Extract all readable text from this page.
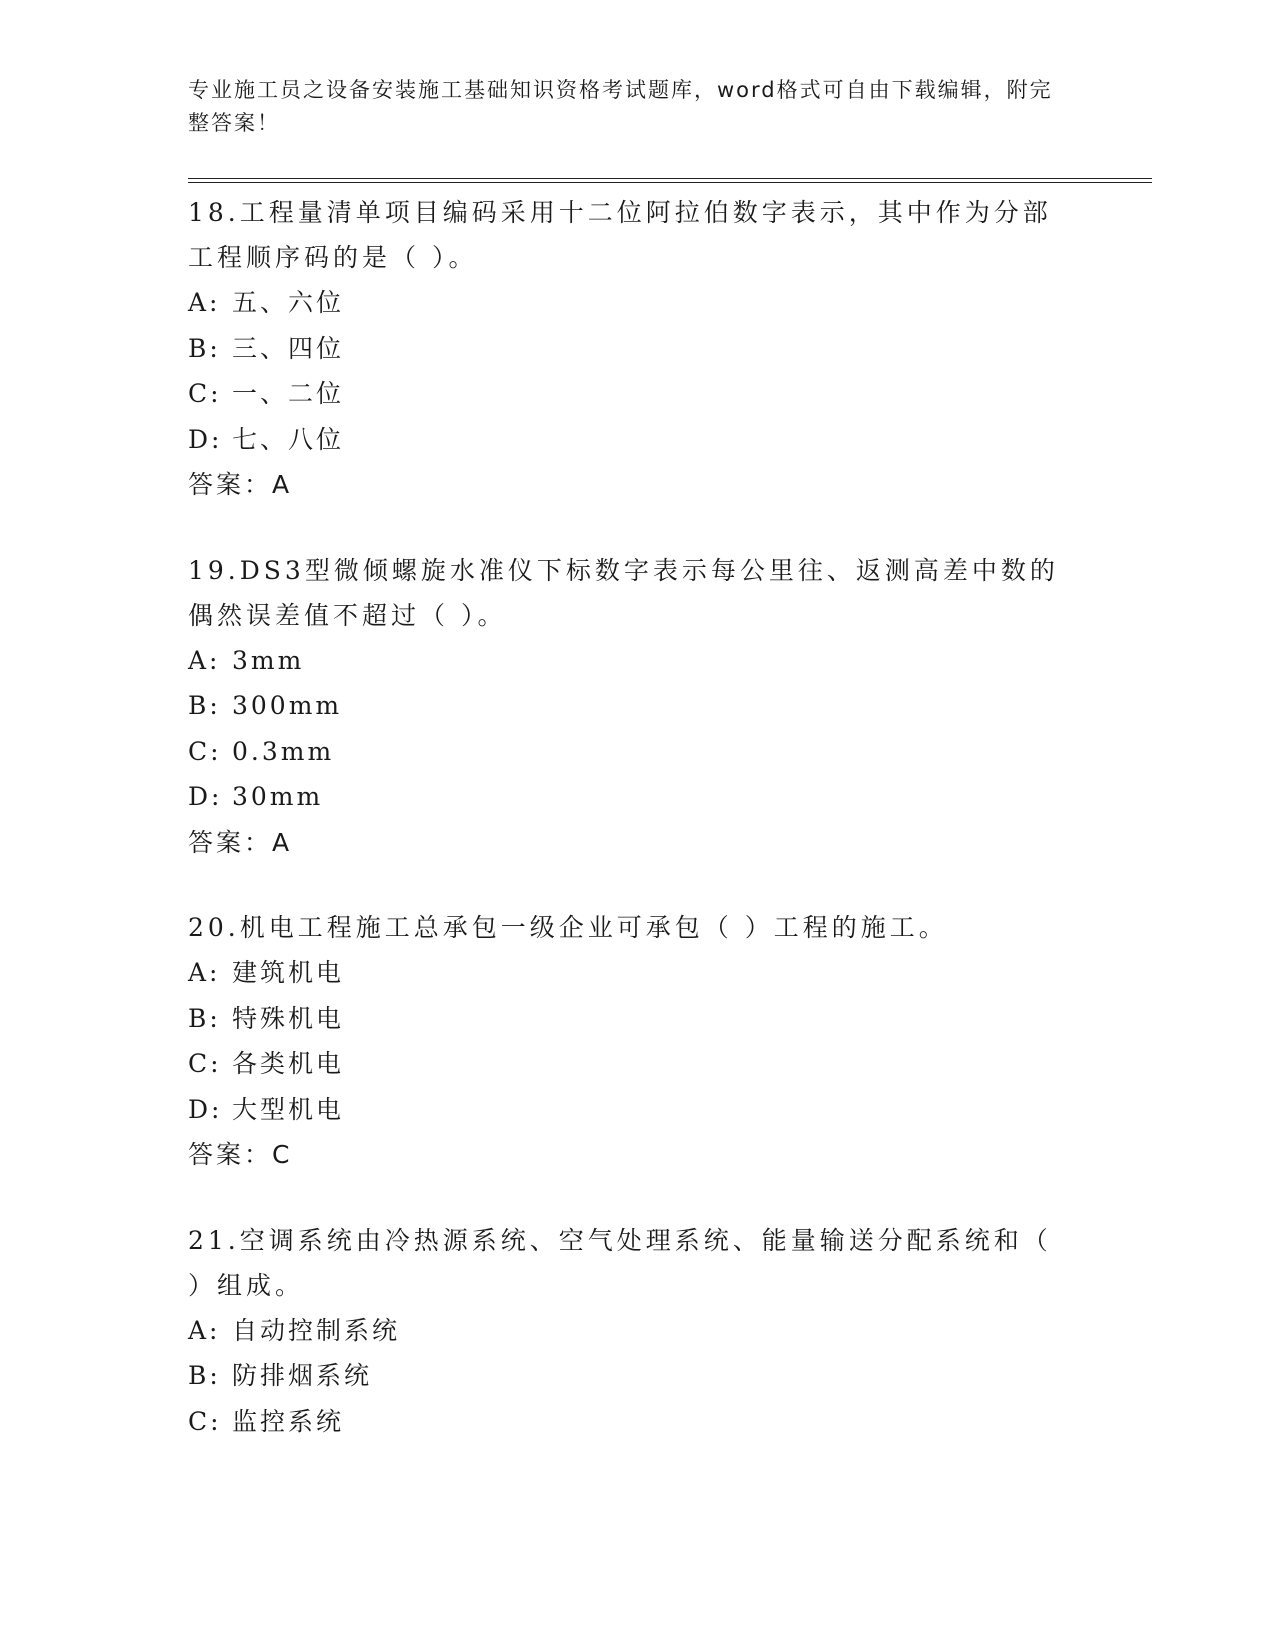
专业施工员之设备安装施工基础知识资格考试题库，word格式可自由下载编辑，附完整答案！
18.工程量清单项目编码采用十二位阿拉伯数字表示，其中作为分部工程顺序码的是（ ）。
A: 五、六位
B: 三、四位
C: 一、二位
D: 七、八位
答案：A
19.DS3型微倾螺旋水准仪下标数字表示每公里往、返测高差中数的偶然误差值不超过（ ）。
A: 3mm
B: 300mm
C: 0.3mm
D: 30mm
答案：A
20.机电工程施工总承包一级企业可承包（ ）工程的施工。
A: 建筑机电
B: 特殊机电
C: 各类机电
D: 大型机电
答案：C
21.空调系统由冷热源系统、空气处理系统、能量输送分配系统和（ ）组成。
A: 自动控制系统
B: 防排烟系统
C: 监控系统
